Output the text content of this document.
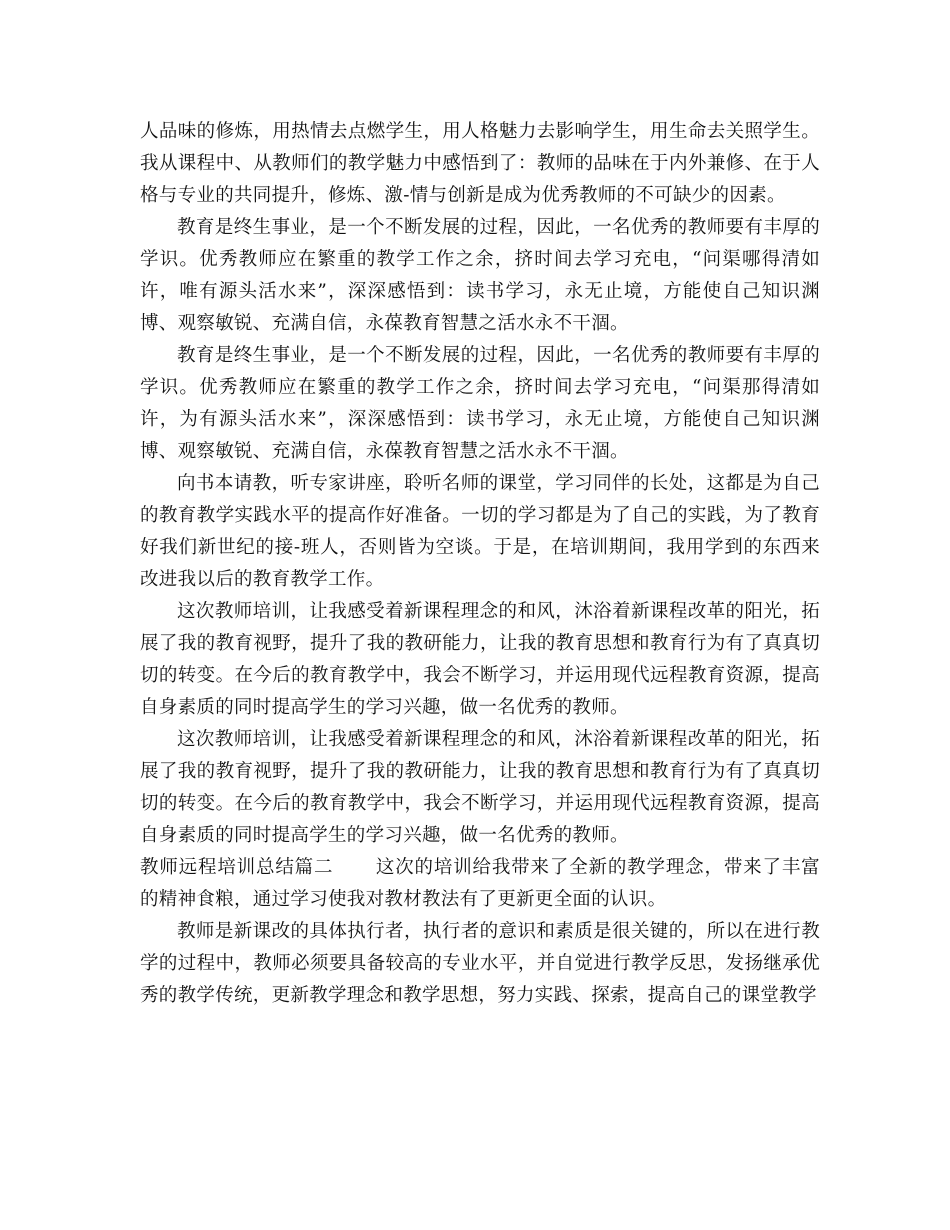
人品味的修炼，用热情去点燃学生，用人格魅力去影响学生，用生命去关照学生。我从课程中、从教师们的教学魅力中感悟到了：教师的品味在于内外兼修、在于人格与专业的共同提升，修炼、激-情与创新是成为优秀教师的不可缺少的因素。

教育是终生事业，是一个不断发展的过程，因此，一名优秀的教师要有丰厚的学识。优秀教师应在繁重的教学工作之余，挤时间去学习充电，“问渠哪得清如许，唯有源头活水来”，深深感悟到：读书学习，永无止境，方能使自己知识渊博、观察敏锐、充满自信，永葆教育智慧之活水永不干涸。

教育是终生事业，是一个不断发展的过程，因此，一名优秀的教师要有丰厚的学识。优秀教师应在繁重的教学工作之余，挤时间去学习充电，“问渠那得清如许，为有源头活水来”，深深感悟到：读书学习，永无止境，方能使自己知识渊博、观察敏锐、充满自信，永葆教育智慧之活水永不干涸。

向书本请教，听专家讲座，聆听名师的课堂，学习同伴的长处，这都是为自己的教育教学实践水平的提高作好准备。一切的学习都是为了自己的实践，为了教育好我们新世纪的接-班人，否则皆为空谈。于是，在培训期间，我用学到的东西来改进我以后的教育教学工作。

这次教师培训，让我感受着新课程理念的和风，沐浴着新课程改革的阳光，拓展了我的教育视野，提升了我的教研能力，让我的教育思想和教育行为有了真真切切的转变。在今后的教育教学中，我会不断学习，并运用现代远程教育资源，提高自身素质的同时提高学生的学习兴趣，做一名优秀的教师。

这次教师培训，让我感受着新课程理念的和风，沐浴着新课程改革的阳光，拓展了我的教育视野，提升了我的教研能力，让我的教育思想和教育行为有了真真切切的转变。在今后的教育教学中，我会不断学习，并运用现代远程教育资源，提高自身素质的同时提高学生的学习兴趣，做一名优秀的教师。

教师远程培训总结篇二 这次的培训给我带来了全新的教学理念，带来了丰富的精神食粮，通过学习使我对教材教法有了更新更全面的认识。

教师是新课改的具体执行者，执行者的意识和素质是很关键的，所以在进行教学的过程中，教师必须要具备较高的专业水平，并自觉进行教学反思，发扬继承优秀的教学传统，更新教学理念和教学思想，努力实践、探索，提高自己的课堂教学
